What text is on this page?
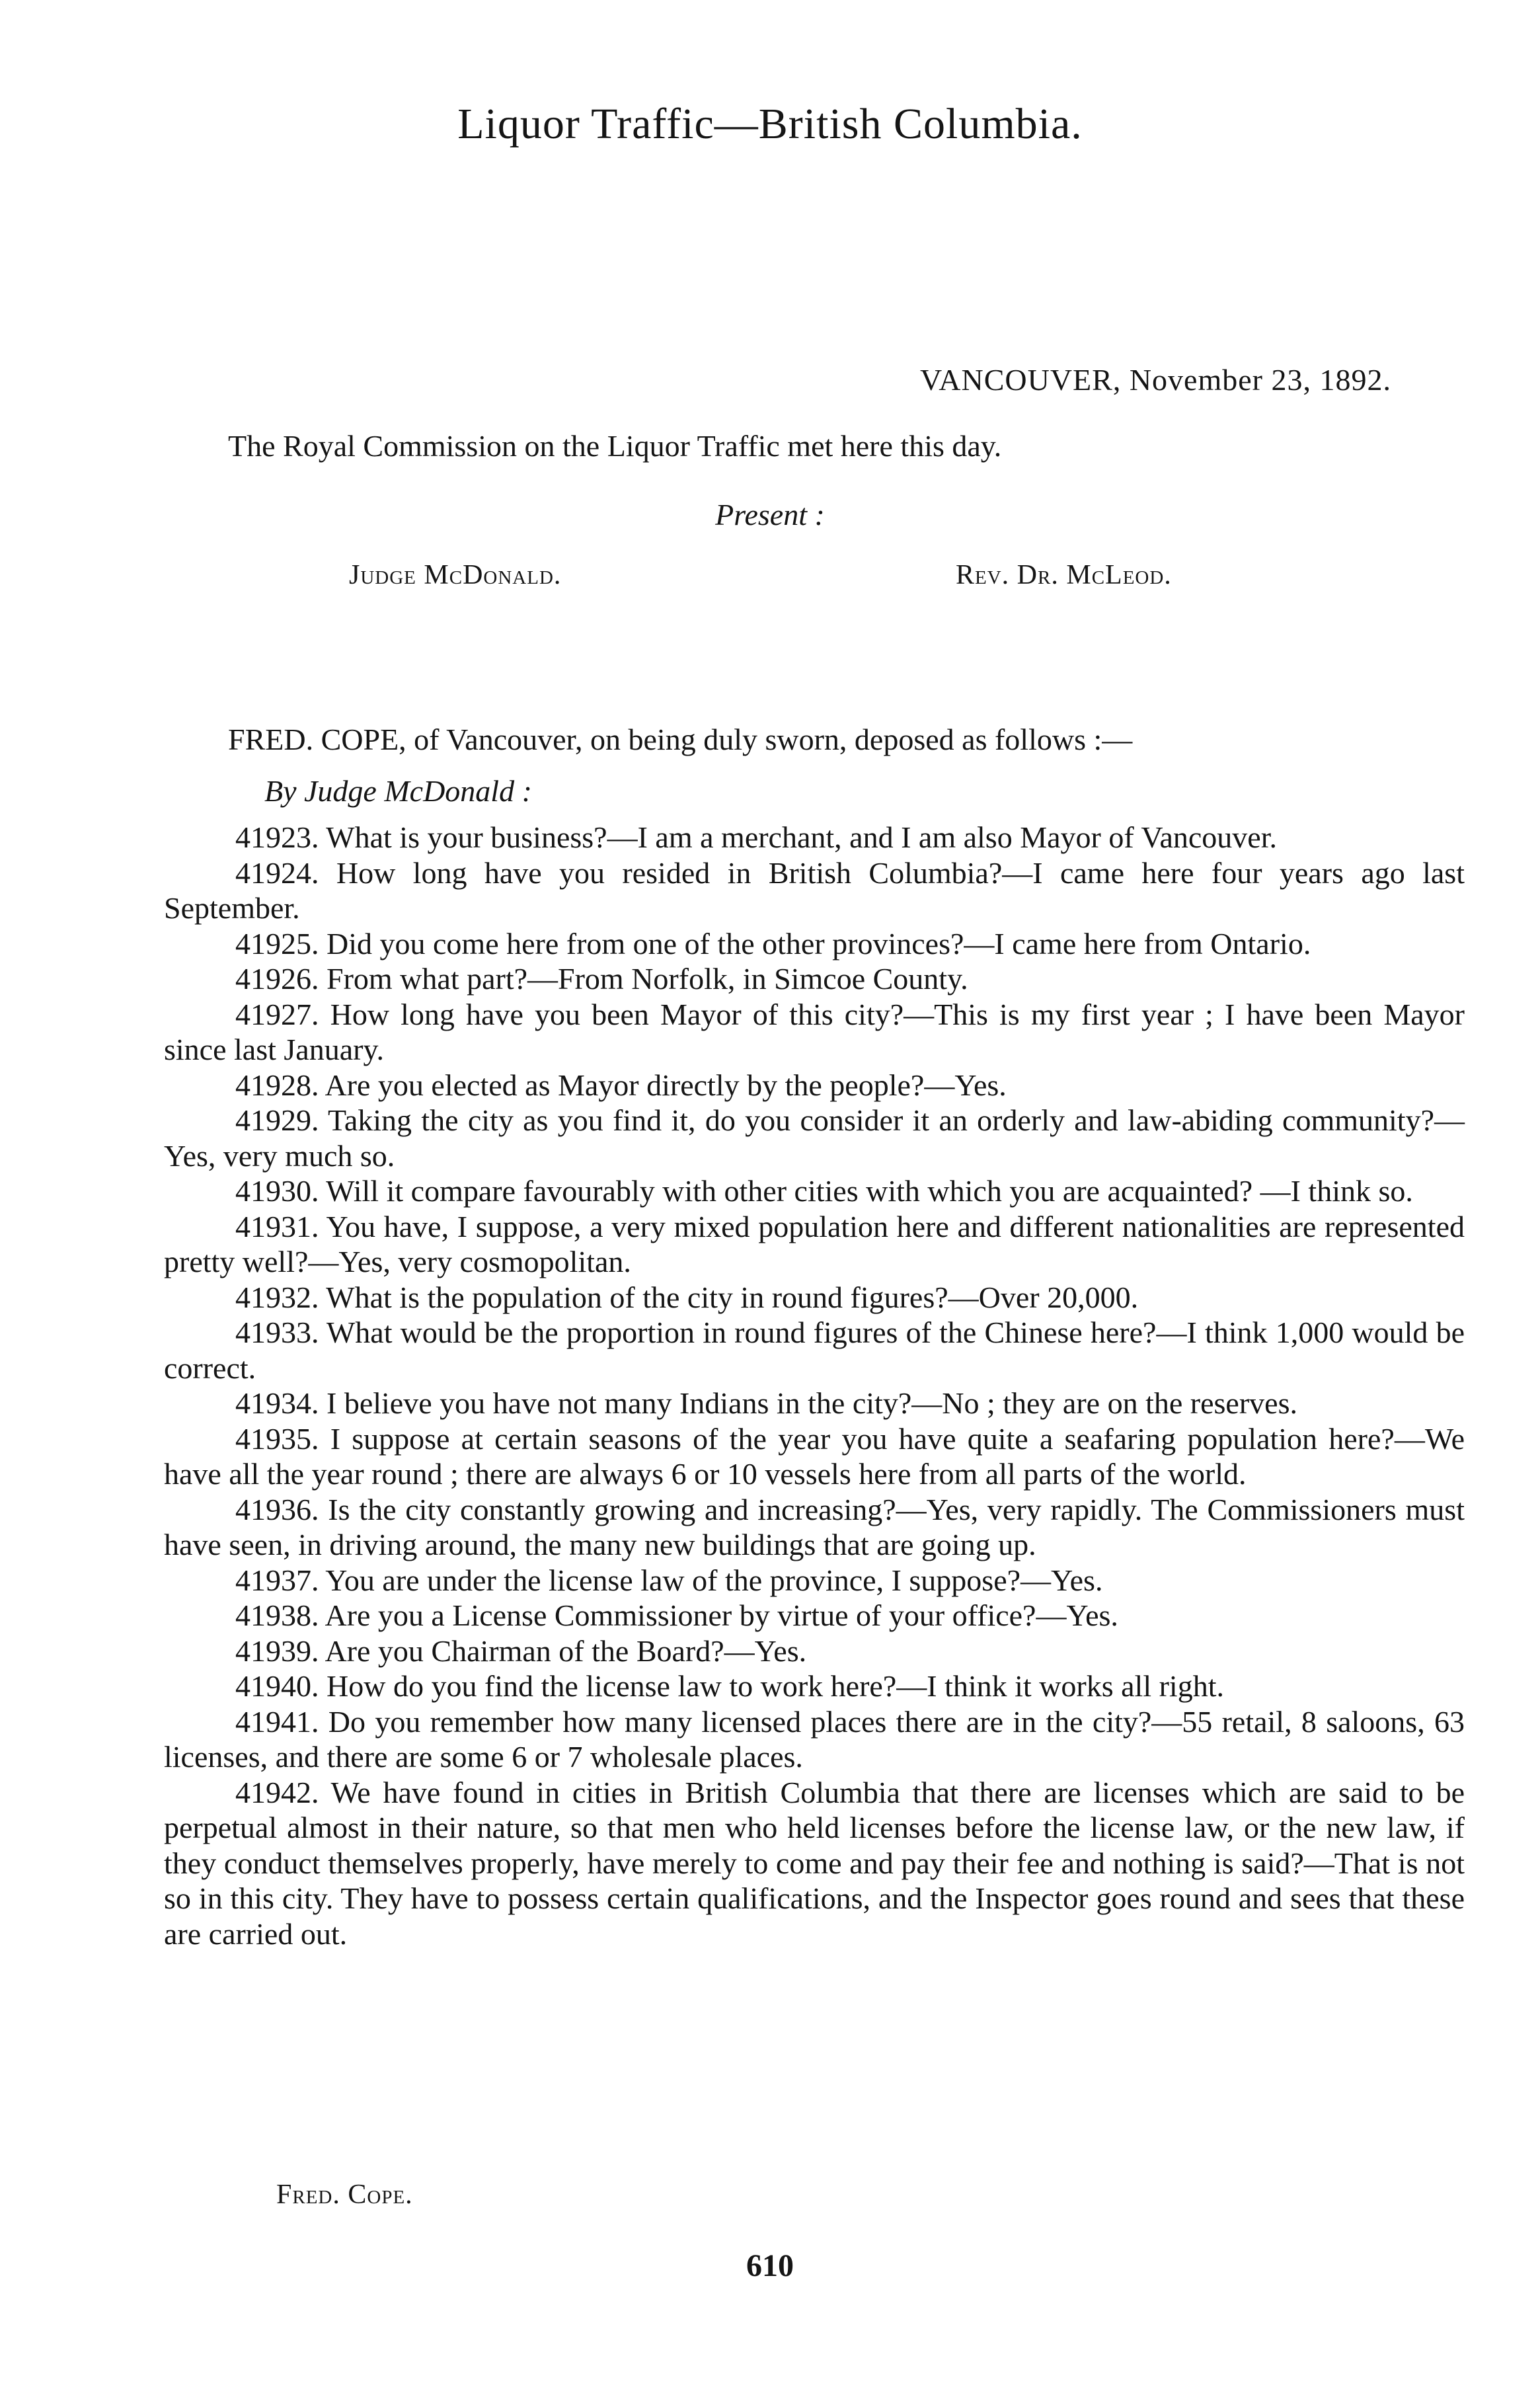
Liquor Traffic—British Columbia.
VANCOUVER, November 23, 1892.
The Royal Commission on the Liquor Traffic met here this day.
Present :
Judge McDonald.	Rev. Dr. McLeod.
FRED. COPE, of Vancouver, on being duly sworn, deposed as follows :—
By Judge McDonald :

41923. What is your business?—I am a merchant, and I am also Mayor of Vancouver.

41924. How long have you resided in British Columbia?—I came here four years ago last September.

41925. Did you come here from one of the other provinces?—I came here from Ontario.

41926. From what part?—From Norfolk, in Simcoe County.

41927. How long have you been Mayor of this city?—This is my first year ; I have been Mayor since last January.

41928. Are you elected as Mayor directly by the people?—Yes.

41929. Taking the city as you find it, do you consider it an orderly and law-abiding community?—Yes, very much so.

41930. Will it compare favourably with other cities with which you are acquainted? —I think so.

41931. You have, I suppose, a very mixed population here and different nationalities are represented pretty well?—Yes, very cosmopolitan.

41932. What is the population of the city in round figures?—Over 20,000.

41933. What would be the proportion in round figures of the Chinese here?—I think 1,000 would be correct.

41934. I believe you have not many Indians in the city?—No ; they are on the reserves.

41935. I suppose at certain seasons of the year you have quite a seafaring population here?—We have all the year round ; there are always 6 or 10 vessels here from all parts of the world.

41936. Is the city constantly growing and increasing?—Yes, very rapidly. The Commissioners must have seen, in driving around, the many new buildings that are going up.

41937. You are under the license law of the province, I suppose?—Yes.

41938. Are you a License Commissioner by virtue of your office?—Yes.

41939. Are you Chairman of the Board?—Yes.

41940. How do you find the license law to work here?—I think it works all right.

41941. Do you remember how many licensed places there are in the city?—55 retail, 8 saloons, 63 licenses, and there are some 6 or 7 wholesale places.

41942. We have found in cities in British Columbia that there are licenses which are said to be perpetual almost in their nature, so that men who held licenses before the license law, or the new law, if they conduct themselves properly, have merely to come and pay their fee and nothing is said?—That is not so in this city. They have to possess certain qualifications, and the Inspector goes round and sees that these are carried out.

Fred. Cope.
610
